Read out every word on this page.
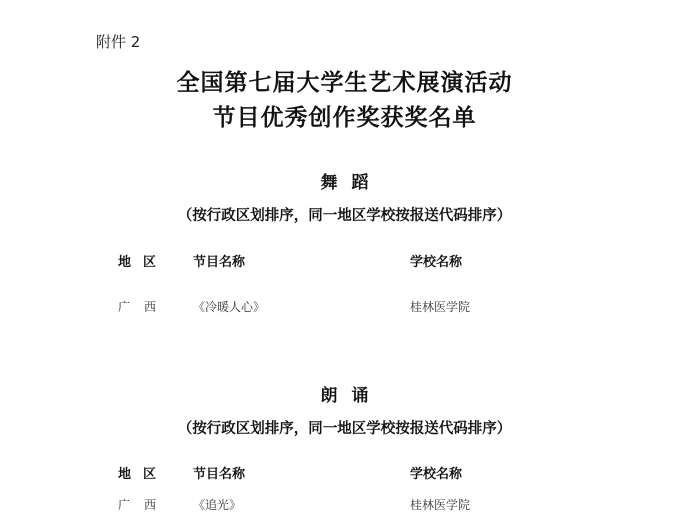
附件 2
全国第七届大学生艺术展演活动
节目优秀创作奖获奖名单
舞蹈
（按行政区划排序，同一地区学校按报送代码排序）
地区 节目名称	学校名称
广西 《冷暖人心》	桂林医学院
朗诵
（按行政区划排序，同一地区学校按报送代码排序）
地区 节目名称	学校名称
广西 《追光》	桂林医学院
